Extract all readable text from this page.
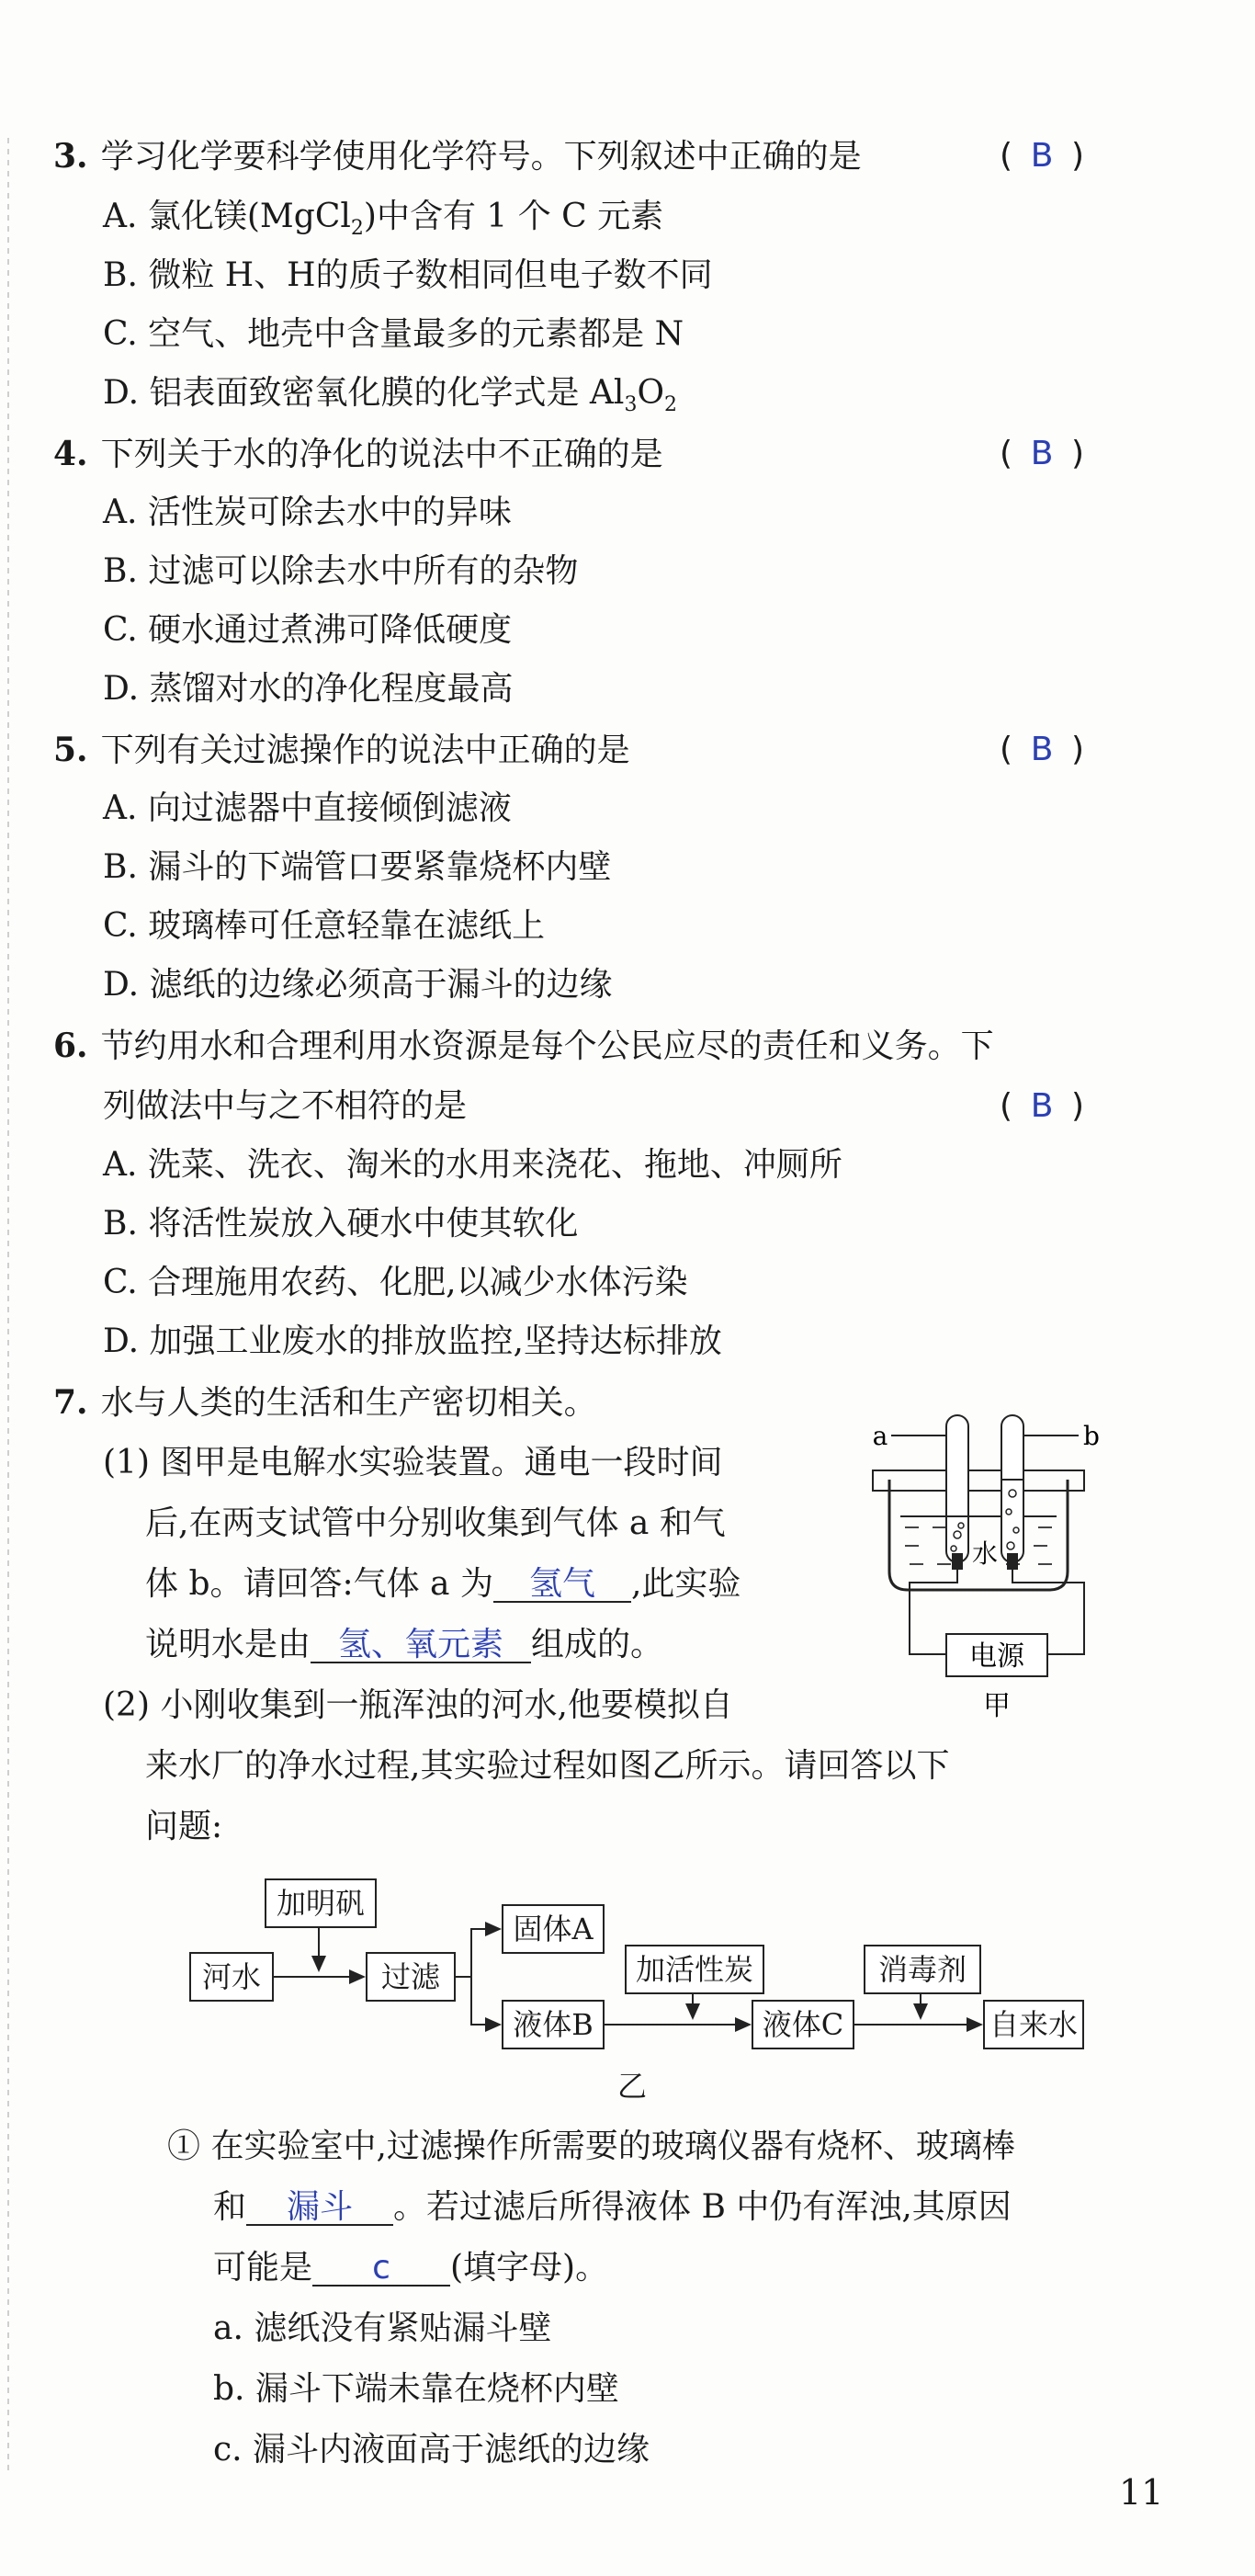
3. 学习化学要科学使用化学符号。下列叙述中正确的是	( B )
A. 氯化镁(MgCl$_2$)中含有 1 个 C 元素
B. 微粒 H、H的质子数相同但电子数不同
C. 空气、地壳中含量最多的元素都是 N
D. 铝表面致密氧化膜的化学式是 $Al_3O_2$
4. 下列关于水的净化的说法中不正确的是	( B )
A. 活性炭可除去水中的异味
B. 过滤可以除去水中所有的杂物
C. 硬水通过煮沸可降低硬度
D. 蒸馏对水的净化程度最高
5. 下列有关过滤操作的说法中正确的是	( B )
A. 向过滤器中直接倾倒滤液
B. 漏斗的下端管口要紧靠烧杯内壁
C. 玻璃棒可任意轻靠在滤纸上
D. 滤纸的边缘必须高于漏斗的边缘
6. 节约用水和合理利用水资源是每个公民应尽的责任和义务。下
列做法中与之不相符的是	( B )
A. 洗菜、洗衣、淘米的水用来浇花、拖地、冲厕所
B. 将活性炭放入硬水中使其软化
C. 合理施用农药、化肥,以减少水体污染
D. 加强工业废水的排放监控,坚持达标排放
7. 水与人类的生活和生产密切相关。
(1) 图甲是电解水实验装置。通电一段时间
后,在两支试管中分别收集到气体 a 和气
体 b。请回答:气体 a 为 氢气 ,此实验
说明水是由 氢、氧元素 组成的。
a	b
水
电源
甲
(2) 小刚收集到一瓶浑浊的河水,他要模拟自
来水厂的净水过程,其实验过程如图乙所示。请回答以下
问题:
加明矾
河水	过滤
固体A
液体B
加活性炭
液体C
消毒剂
自来水
乙
① 在实验室中,过滤操作所需要的玻璃仪器有烧杯、玻璃棒
和 漏斗 。若过滤后所得液体 B 中仍有浑浊,其原因
可能是 c (填字母)。
a. 滤纸没有紧贴漏斗壁
b. 漏斗下端未靠在烧杯内壁
c. 漏斗内液面高于滤纸的边缘
11
